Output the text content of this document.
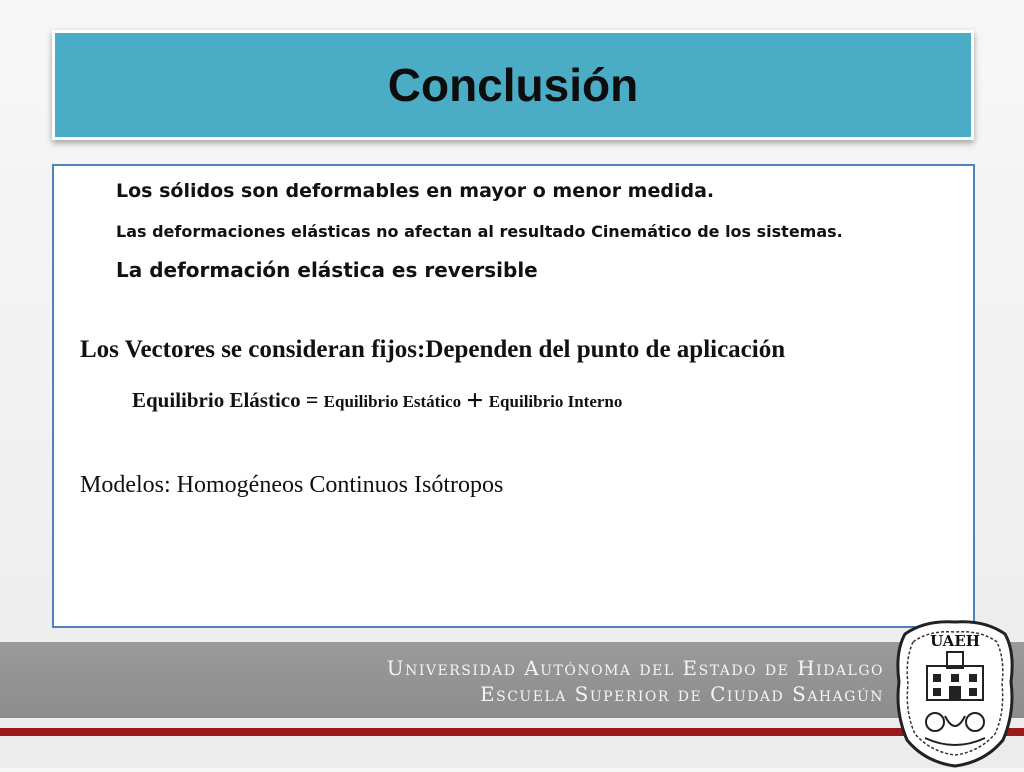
Conclusión
Los sólidos son deformables en mayor o menor medida.
Las deformaciones elásticas no afectan al resultado Cinemático de los sistemas.
La deformación elástica es reversible
Los Vectores se consideran fijos:Dependen del punto de aplicación
Equilibrio Elástico = Equilibrio Estático + Equilibrio Interno
Modelos: Homogéneos Continuos Isótropos
Universidad Autónoma del Estado de Hidalgo
Escuela Superior de Ciudad Sahagún
UAEH
